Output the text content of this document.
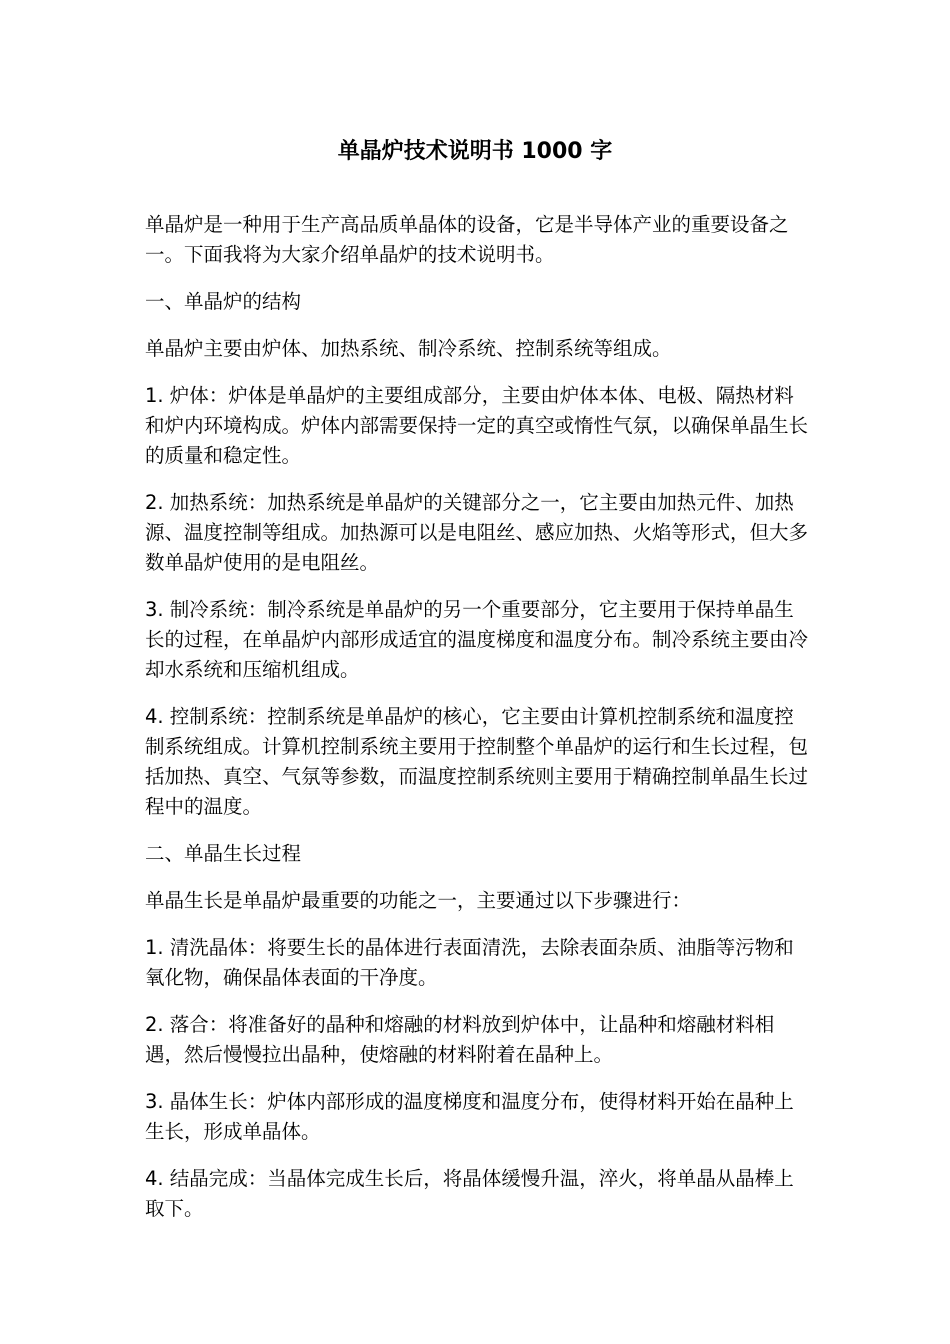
单晶炉技术说明书 1000 字

单晶炉是一种用于生产高品质单晶体的设备，它是半导体产业的重要设备之一。下面我将为大家介绍单晶炉的技术说明书。

一、单晶炉的结构

单晶炉主要由炉体、加热系统、制冷系统、控制系统等组成。

1. 炉体：炉体是单晶炉的主要组成部分，主要由炉体本体、电极、隔热材料和炉内环境构成。炉体内部需要保持一定的真空或惰性气氛，以确保单晶生长的质量和稳定性。

2. 加热系统：加热系统是单晶炉的关键部分之一，它主要由加热元件、加热源、温度控制等组成。加热源可以是电阻丝、感应加热、火焰等形式，但大多数单晶炉使用的是电阻丝。

3. 制冷系统：制冷系统是单晶炉的另一个重要部分，它主要用于保持单晶生长的过程，在单晶炉内部形成适宜的温度梯度和温度分布。制冷系统主要由冷却水系统和压缩机组成。

4. 控制系统：控制系统是单晶炉的核心，它主要由计算机控制系统和温度控制系统组成。计算机控制系统主要用于控制整个单晶炉的运行和生长过程，包括加热、真空、气氛等参数，而温度控制系统则主要用于精确控制单晶生长过程中的温度。

二、单晶生长过程

单晶生长是单晶炉最重要的功能之一，主要通过以下步骤进行：

1. 清洗晶体：将要生长的晶体进行表面清洗，去除表面杂质、油脂等污物和氧化物，确保晶体表面的干净度。

2. 落合：将准备好的晶种和熔融的材料放到炉体中，让晶种和熔融材料相遇，然后慢慢拉出晶种，使熔融的材料附着在晶种上。

3. 晶体生长：炉体内部形成的温度梯度和温度分布，使得材料开始在晶种上生长，形成单晶体。

4. 结晶完成：当晶体完成生长后，将晶体缓慢升温，淬火，将单晶从晶棒上取下。
